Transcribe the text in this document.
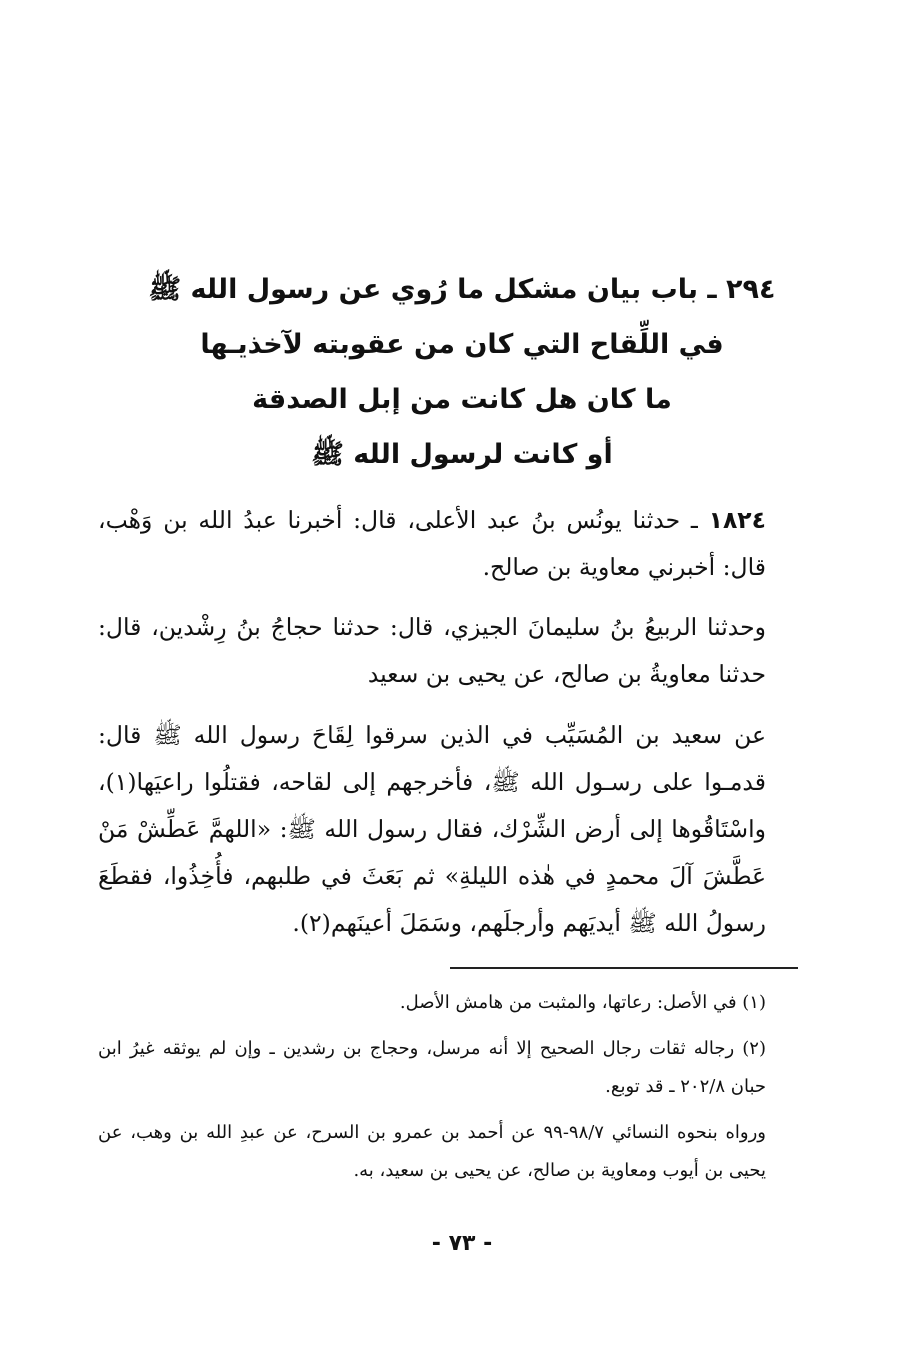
٢٩٤ ـ باب بيان مشكل ما رُوي عن رسول الله ﷺ
في اللِّقاح التي كان من عقوبته لآخذيـها
ما كان هل كانت من إبل الصدقة
أو كانت لرسول الله ﷺ
١٨٢٤ ـ حدثنا يونُس بنُ عبد الأعلى، قال: أخبرنا عبدُ الله بن وَهْب، قال: أخبرني معاوية بن صالح.
وحدثنا الربيعُ بنُ سليمانَ الجيزي، قال: حدثنا حجاجُ بنُ رِشْدين، قال: حدثنا معاويةُ بن صالح، عن يحيى بن سعيد
عن سعيد بن المُسَيِّب في الذين سرقوا لِقَاحَ رسول الله ﷺ قال: قدمـوا على رسـول الله ﷺ، فأخرجهم إلى لقاحه، فقتلُوا راعيَها(١)، واسْتَاقُوها إلى أرض الشِّرْك، فقال رسول الله ﷺ: «اللهمَّ عَطِّشْ مَنْ عَطَّشَ آلَ محمدٍ في هٰذه الليلةِ» ثم بَعَثَ في طلبهم، فأُخِذُوا، فقطَعَ رسولُ الله ﷺ أيديَهم وأرجلَهم، وسَمَلَ أعينَهم(٢).
(١) في الأصل: رعاتها، والمثبت من هامش الأصل.
(٢) رجاله ثقات رجال الصحيح إلا أنه مرسل، وحجاج بن رشدين ـ وإن لم يوثقه غيرُ ابن حبان ٢٠٢/٨ ـ قد توبع.
ورواه بنحوه النسائي ٩٨/٧-٩٩ عن أحمد بن عمرو بن السرح، عن عبدِ الله بن وهب، عن يحيى بن أيوب ومعاوية بن صالح، عن يحيى بن سعيد، به.
- ٧٣ -
